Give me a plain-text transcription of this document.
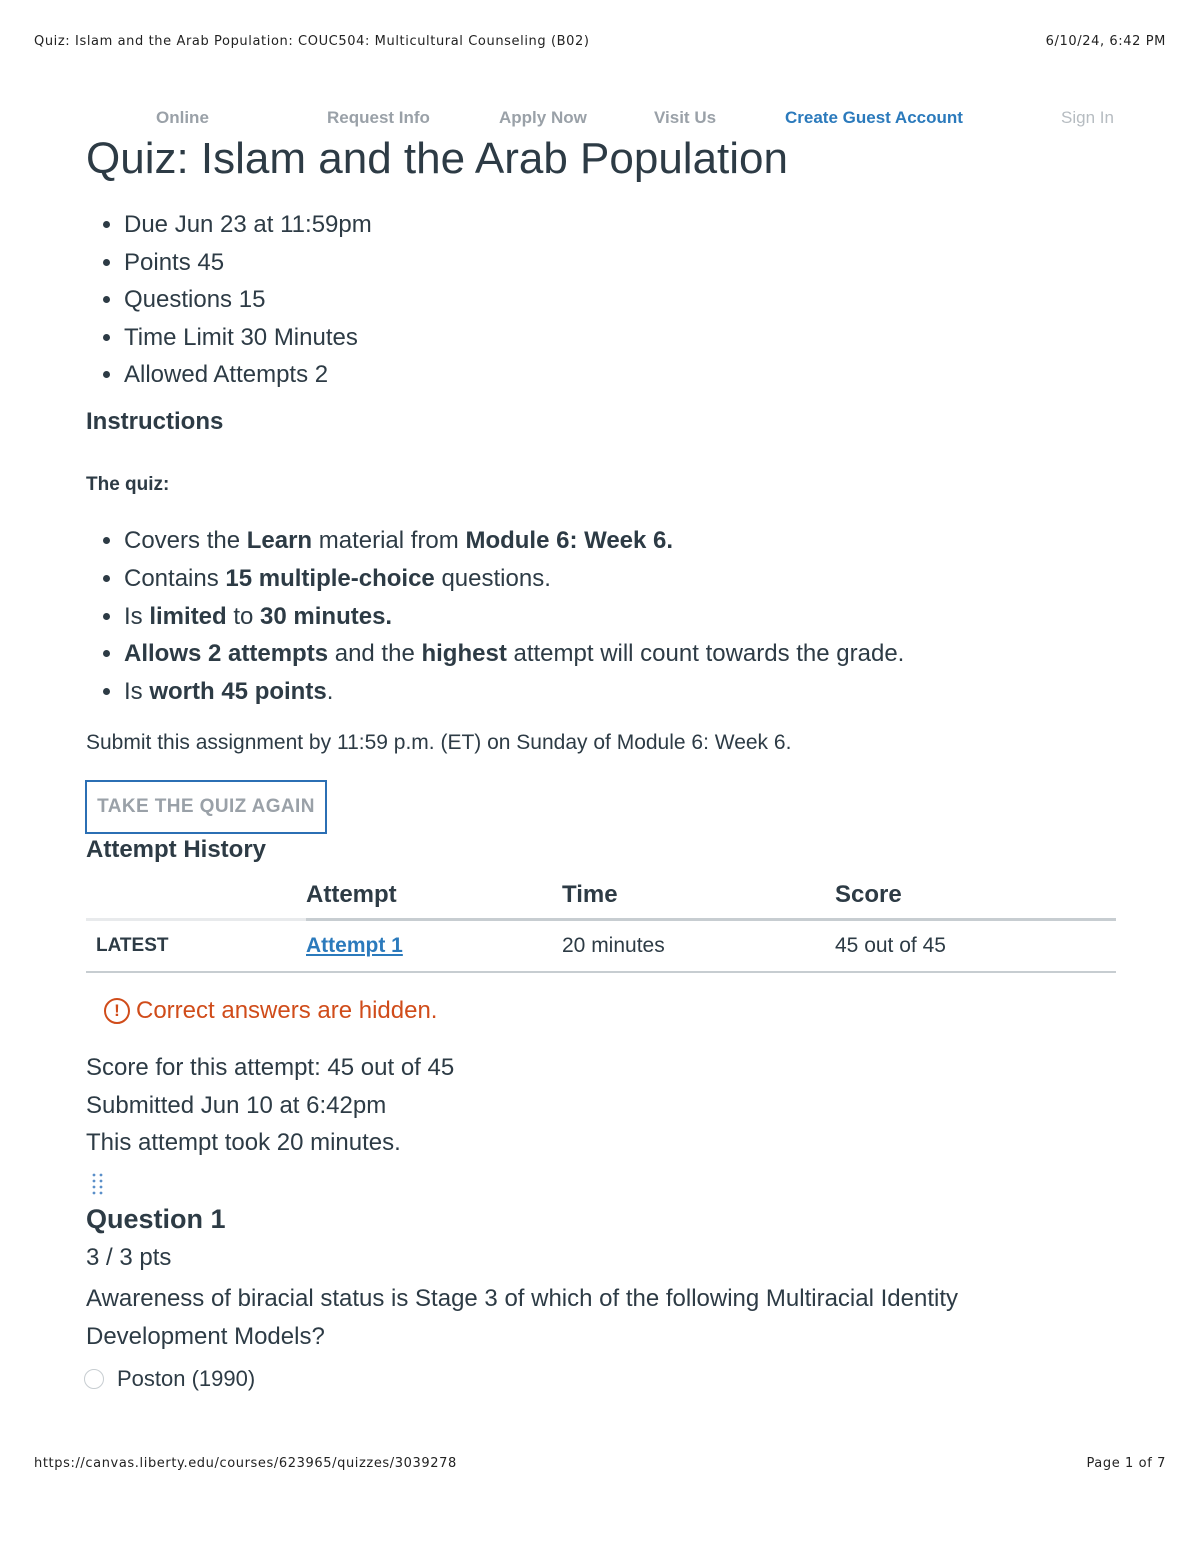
Quiz: Islam and the Arab Population: COUC504: Multicultural Counseling (B02)	6/10/24, 6:42 PM
Online	Request Info	Apply Now	Visit Us	Create Guest Account	Sign In
Quiz: Islam and the Arab Population
• Due Jun 23 at 11:59pm
• Points 45
• Questions 15
• Time Limit 30 Minutes
• Allowed Attempts 2
Instructions
The quiz:
• Covers the Learn material from Module 6: Week 6.
• Contains 15 multiple-choice questions.
• Is limited to 30 minutes.
• Allows 2 attempts and the highest attempt will count towards the grade.
• Is worth 45 points.
Submit this assignment by 11:59 p.m. (ET) on Sunday of Module 6: Week 6.
TAKE THE QUIZ AGAIN
Attempt History
	Attempt	Time	Score
LATEST	Attempt 1	20 minutes	45 out of 45
! Correct answers are hidden.
Score for this attempt: 45 out of 45
Submitted Jun 10 at 6:42pm
This attempt took 20 minutes.
Question 1
3 / 3 pts
Awareness of biracial status is Stage 3 of which of the following Multiracial Identity Development Models?
Poston (1990)
https://canvas.liberty.edu/courses/623965/quizzes/3039278	Page 1 of 7
